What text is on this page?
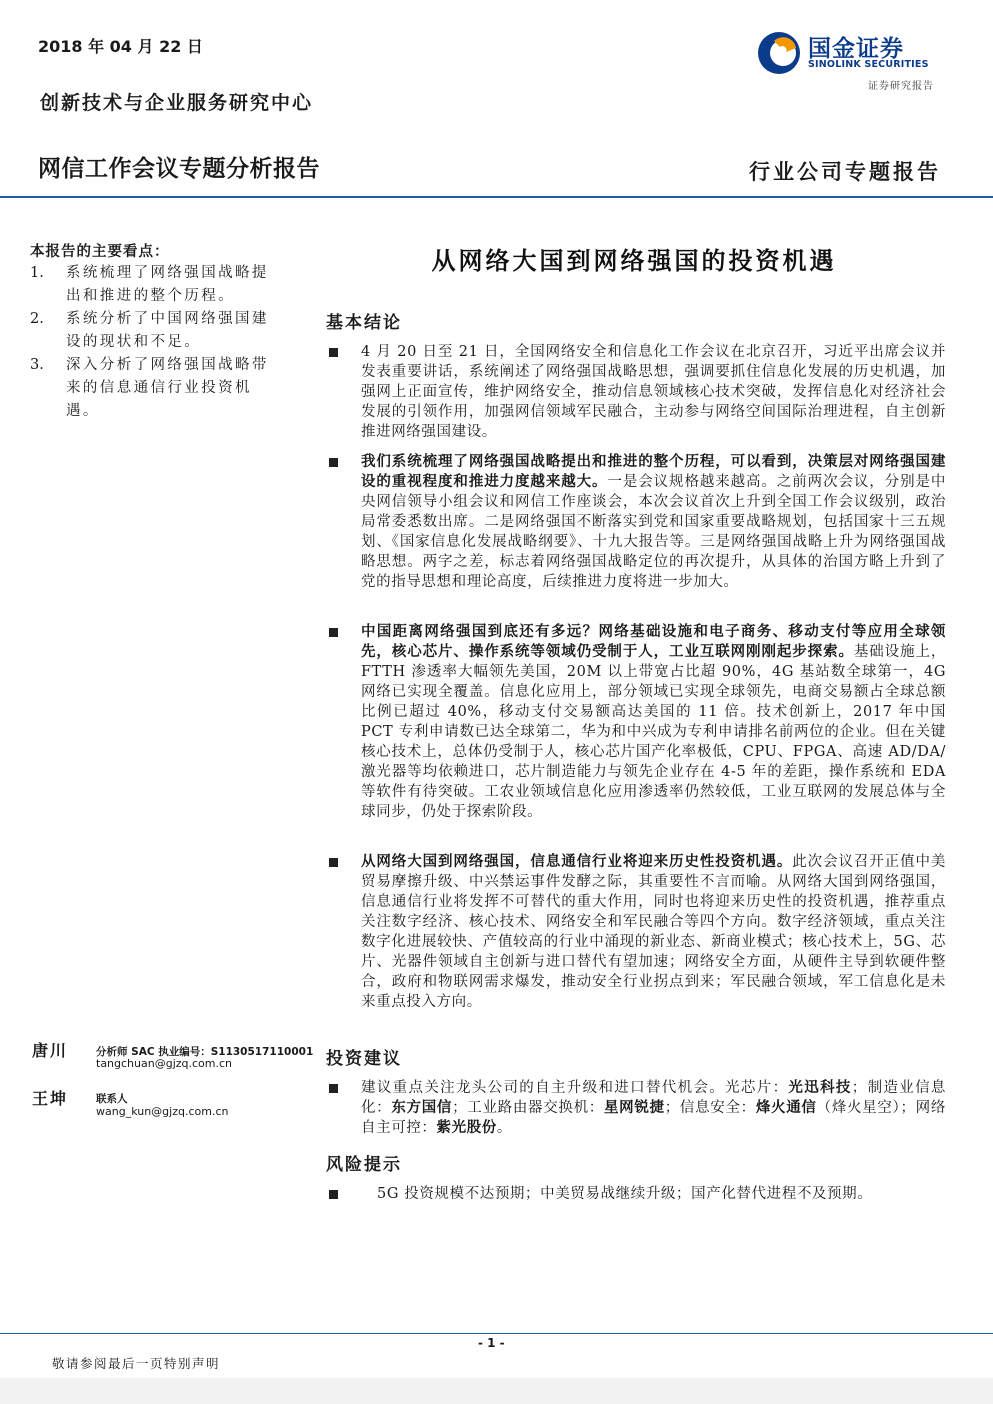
2018 年 04 月 22 日
创新技术与企业服务研究中心
网信工作会议专题分析报告	行业公司专题报告
国金证券
SINOLINK SECURITIES
证券研究报告
本报告的主要看点：
1.	系统梳理了网络强国战略提出和推进的整个历程。
2.	系统分析了中国网络强国建设的现状和不足。
3.	深入分析了网络强国战略带来的信息通信行业投资机遇。
唐川	分析师 SAC 执业编号：S1130517110001
tangchuan@gjzq.com.cn
王坤	联系人
wang_kun@gjzq.com.cn
从网络大国到网络强国的投资机遇
基本结论
4 月 20 日至 21 日，全国网络安全和信息化工作会议在北京召开，习近平出席会议并发表重要讲话，系统阐述了网络强国战略思想，强调要抓住信息化发展的历史机遇，加强网上正面宣传，维护网络安全，推动信息领域核心技术突破，发挥信息化对经济社会发展的引领作用，加强网信领域军民融合，主动参与网络空间国际治理进程，自主创新推进网络强国建设。
我们系统梳理了网络强国战略提出和推进的整个历程，可以看到，决策层对网络强国建设的重视程度和推进力度越来越大。一是会议规格越来越高。之前两次会议，分别是中央网信领导小组会议和网信工作座谈会，本次会议首次上升到全国工作会议级别，政治局常委悉数出席。二是网络强国不断落实到党和国家重要战略规划，包括国家十三五规划、《国家信息化发展战略纲要》、十九大报告等。三是网络强国战略上升为网络强国战略思想。两字之差，标志着网络强国战略定位的再次提升，从具体的治国方略上升到了党的指导思想和理论高度，后续推进力度将进一步加大。
中国距离网络强国到底还有多远？网络基础设施和电子商务、移动支付等应用全球领先，核心芯片、操作系统等领域仍受制于人，工业互联网刚刚起步探索。基础设施上，FTTH 渗透率大幅领先美国，20M 以上带宽占比超 90%，4G 基站数全球第一，4G 网络已实现全覆盖。信息化应用上，部分领域已实现全球领先，电商交易额占全球总额比例已超过 40%，移动支付交易额高达美国的 11 倍。技术创新上，2017 年中国 PCT 专利申请数已达全球第二，华为和中兴成为专利申请排名前两位的企业。但在关键核心技术上，总体仍受制于人，核心芯片国产化率极低，CPU、FPGA、高速 AD/DA/激光器等均依赖进口，芯片制造能力与领先企业存在 4-5 年的差距，操作系统和 EDA 等软件有待突破。工农业领域信息化应用渗透率仍然较低，工业互联网的发展总体与全球同步，仍处于探索阶段。
从网络大国到网络强国，信息通信行业将迎来历史性投资机遇。此次会议召开正值中美贸易摩擦升级、中兴禁运事件发酵之际，其重要性不言而喻。从网络大国到网络强国，信息通信行业将发挥不可替代的重大作用，同时也将迎来历史性的投资机遇，推荐重点关注数字经济、核心技术、网络安全和军民融合等四个方向。数字经济领域，重点关注数字化进展较快、产值较高的行业中涌现的新业态、新商业模式；核心技术上，5G、芯片、光器件领域自主创新与进口替代有望加速；网络安全方面，从硬件主导到软硬件整合，政府和物联网需求爆发，推动安全行业拐点到来；军民融合领域，军工信息化是未来重点投入方向。
投资建议
建议重点关注龙头公司的自主升级和进口替代机会。光芯片：光迅科技；制造业信息化：东方国信；工业路由器交换机：星网锐捷；信息安全：烽火通信（烽火星空）；网络自主可控：紫光股份。
风险提示
5G 投资规模不达预期；中美贸易战继续升级；国产化替代进程不及预期。
- 1 -
敬请参阅最后一页特别声明
